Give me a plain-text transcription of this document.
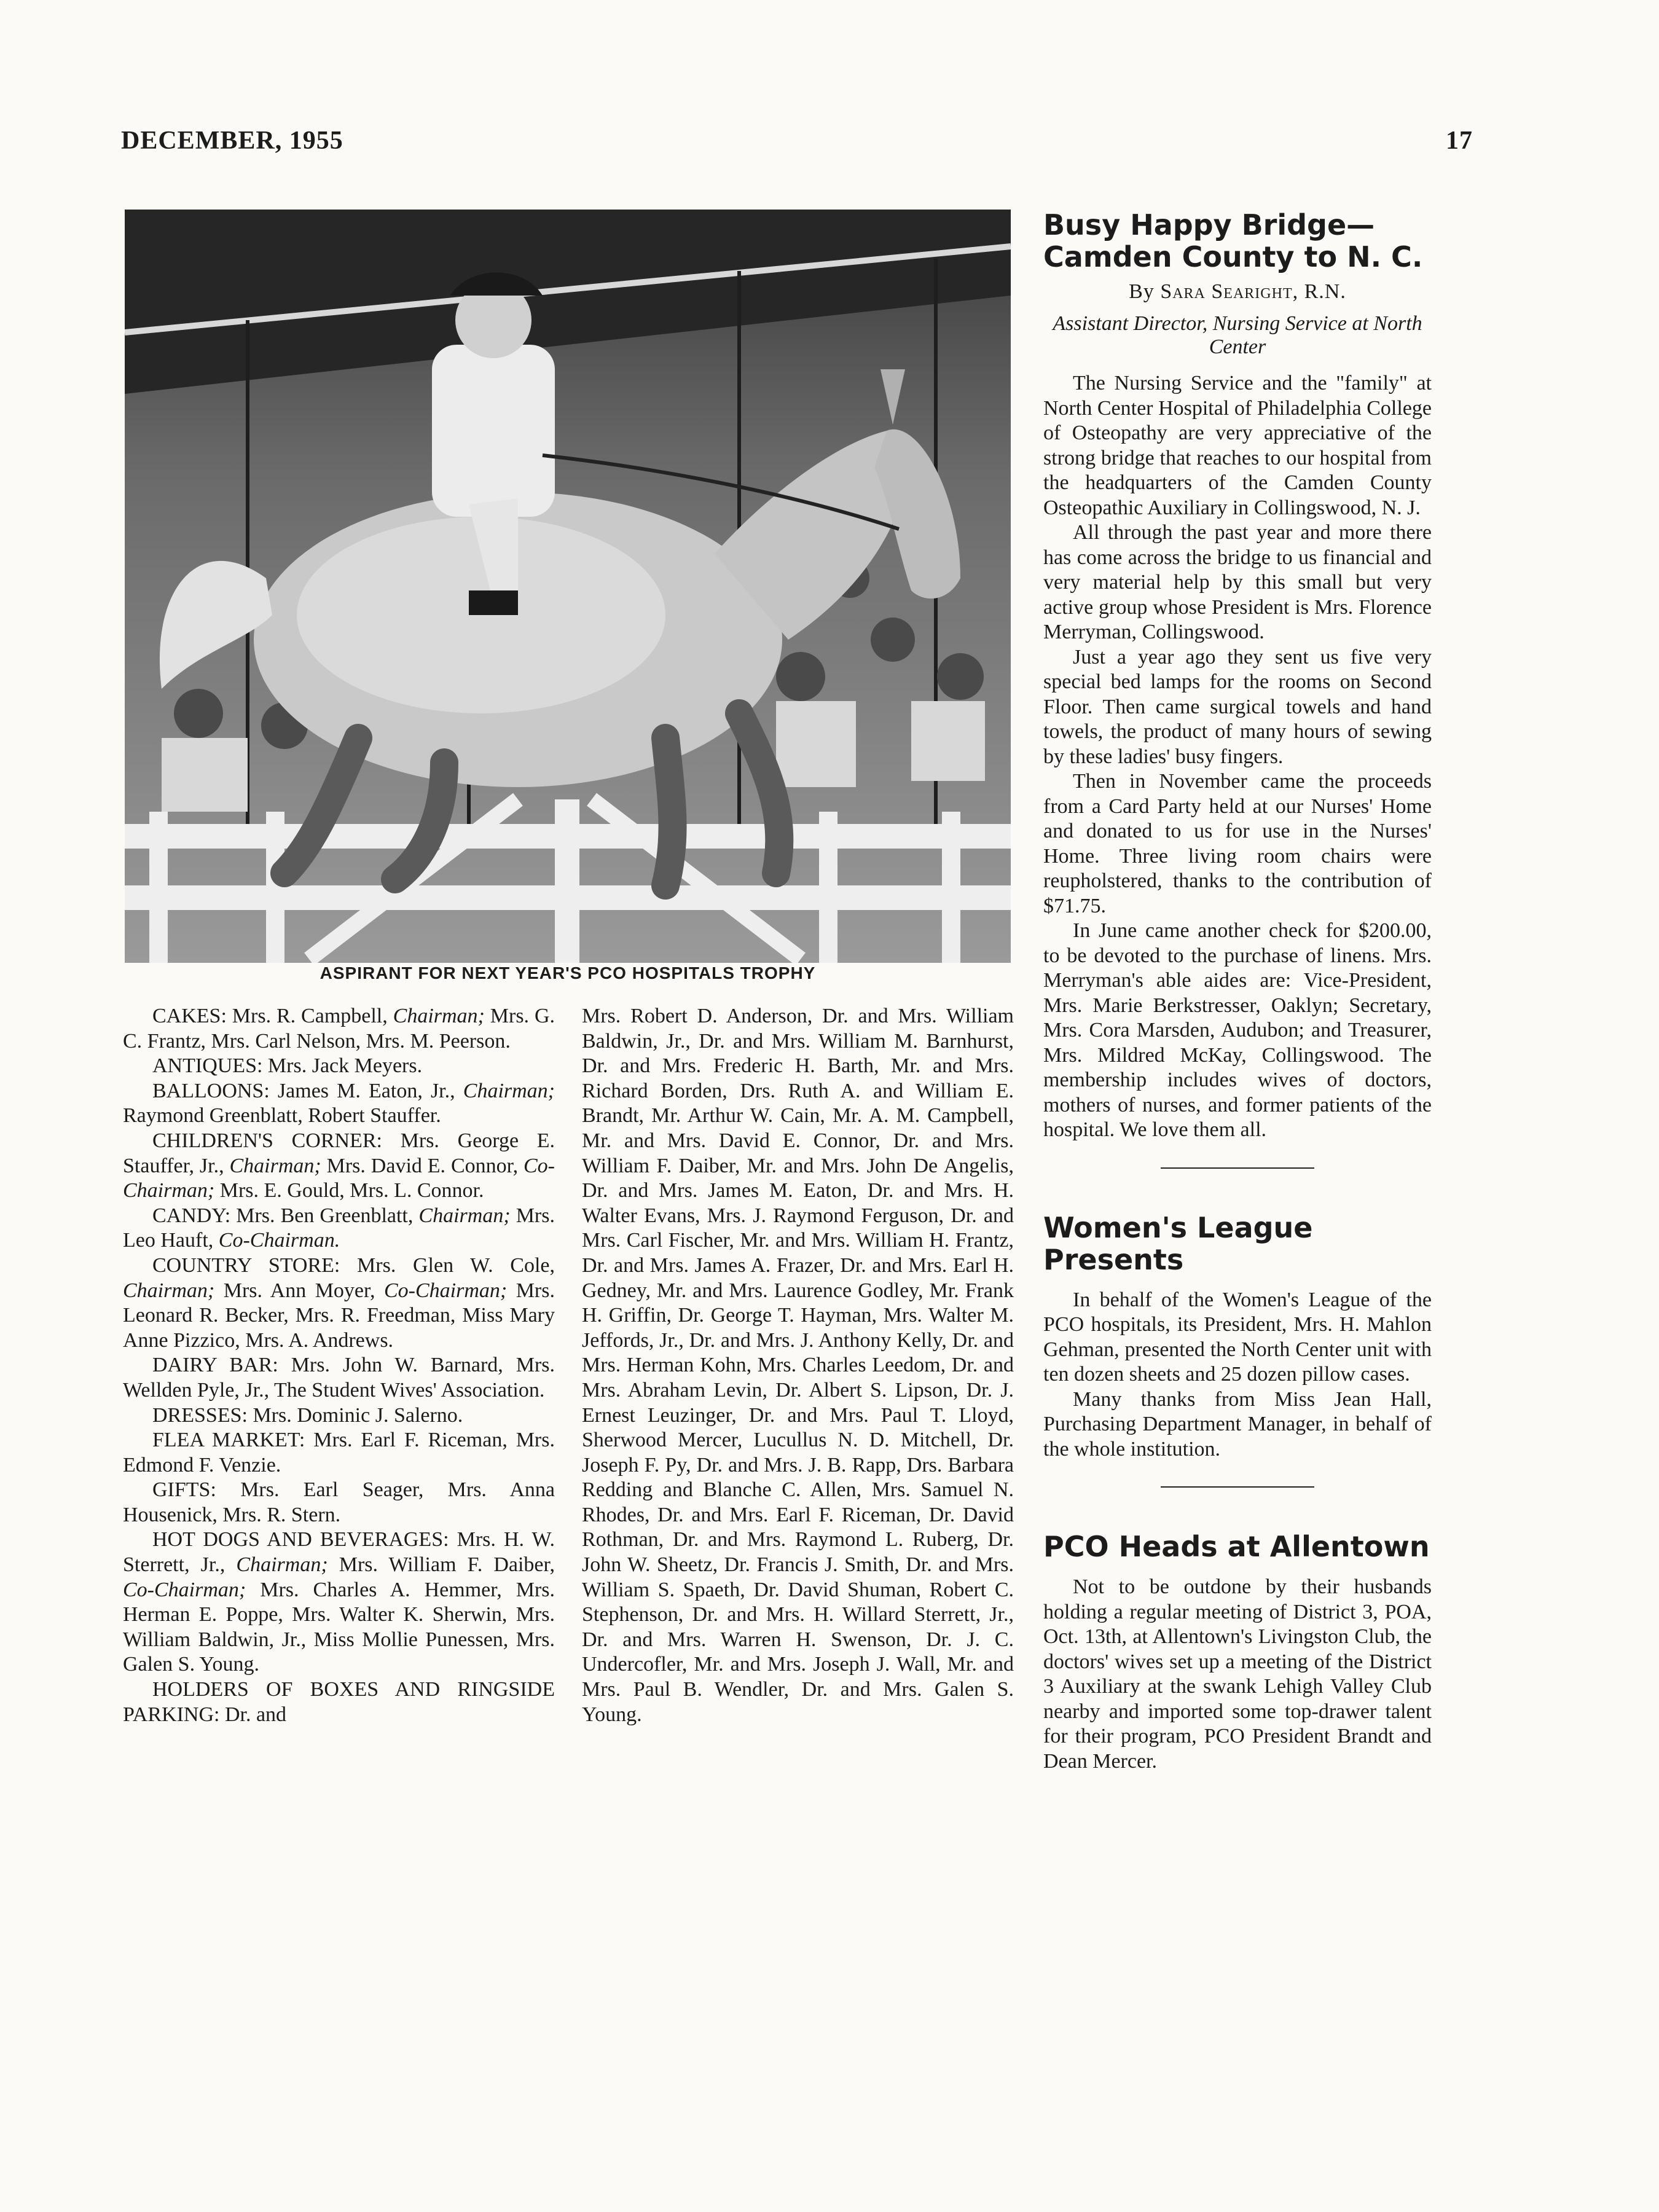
DECEMBER, 1955	17
ASPIRANT FOR NEXT YEAR'S PCO HOSPITALS TROPHY

CAKES: Mrs. R. Campbell, Chairman; Mrs. G. C. Frantz, Mrs. Carl Nelson, Mrs. M. Peerson.

ANTIQUES: Mrs. Jack Meyers.

BALLOONS: James M. Eaton, Jr., Chairman; Raymond Greenblatt, Robert Stauffer.

CHILDREN'S CORNER: Mrs. George E. Stauffer, Jr., Chairman; Mrs. David E. Connor, Co-Chairman; Mrs. E. Gould, Mrs. L. Connor.

CANDY: Mrs. Ben Greenblatt, Chairman; Mrs. Leo Hauft, Co-Chairman.

COUNTRY STORE: Mrs. Glen W. Cole, Chairman; Mrs. Ann Moyer, Co-Chairman; Mrs. Leonard R. Becker, Mrs. R. Freedman, Miss Mary Anne Pizzico, Mrs. A. Andrews.

DAIRY BAR: Mrs. John W. Barnard, Mrs. Wellden Pyle, Jr., The Student Wives' Association.

DRESSES: Mrs. Dominic J. Salerno.

FLEA MARKET: Mrs. Earl F. Riceman, Mrs. Edmond F. Venzie.

GIFTS: Mrs. Earl Seager, Mrs. Anna Housenick, Mrs. R. Stern.

HOT DOGS AND BEVERAGES: Mrs. H. W. Sterrett, Jr., Chairman; Mrs. William F. Daiber, Co-Chairman; Mrs. Charles A. Hemmer, Mrs. Herman E. Poppe, Mrs. Walter K. Sherwin, Mrs. William Baldwin, Jr., Miss Mollie Punessen, Mrs. Galen S. Young.

HOLDERS OF BOXES AND RINGSIDE PARKING: Dr. and

Mrs. Robert D. Anderson, Dr. and Mrs. William Baldwin, Jr., Dr. and Mrs. William M. Barnhurst, Dr. and Mrs. Frederic H. Barth, Mr. and Mrs. Richard Borden, Drs. Ruth A. and William E. Brandt, Mr. Arthur W. Cain, Mr. A. M. Campbell, Mr. and Mrs. David E. Connor, Dr. and Mrs. William F. Daiber, Mr. and Mrs. John De Angelis, Dr. and Mrs. James M. Eaton, Dr. and Mrs. H. Walter Evans, Mrs. J. Raymond Ferguson, Dr. and Mrs. Carl Fischer, Mr. and Mrs. William H. Frantz, Dr. and Mrs. James A. Frazer, Dr. and Mrs. Earl H. Gedney, Mr. and Mrs. Laurence Godley, Mr. Frank H. Griffin, Dr. George T. Hayman, Mrs. Walter M. Jeffords, Jr., Dr. and Mrs. J. Anthony Kelly, Dr. and Mrs. Herman Kohn, Mrs. Charles Leedom, Dr. and Mrs. Abraham Levin, Dr. Albert S. Lipson, Dr. J. Ernest Leuzinger, Dr. and Mrs. Paul T. Lloyd, Sherwood Mercer, Lucullus N. D. Mitchell, Dr. Joseph F. Py, Dr. and Mrs. J. B. Rapp, Drs. Barbara Redding and Blanche C. Allen, Mrs. Samuel N. Rhodes, Dr. and Mrs. Earl F. Riceman, Dr. David Rothman, Dr. and Mrs. Raymond L. Ruberg, Dr. John W. Sheetz, Dr. Francis J. Smith, Dr. and Mrs. William S. Spaeth, Dr. David Shuman, Robert C. Stephenson, Dr. and Mrs. H. Willard Sterrett, Jr., Dr. and Mrs. Warren H. Swenson, Dr. J. C. Undercofler, Mr. and Mrs. Joseph J. Wall, Mr. and Mrs. Paul B. Wendler, Dr. and Mrs. Galen S. Young.

Busy Happy Bridge—
Camden County to N. C.
By Sara Searight, R.N.
Assistant Director, Nursing Service at North Center

The Nursing Service and the "family" at North Center Hospital of Philadelphia College of Osteopathy are very appreciative of the strong bridge that reaches to our hospital from the headquarters of the Camden County Osteopathic Auxiliary in Collingswood, N. J.

All through the past year and more there has come across the bridge to us financial and very material help by this small but very active group whose President is Mrs. Florence Merryman, Collingswood.

Just a year ago they sent us five very special bed lamps for the rooms on Second Floor. Then came surgical towels and hand towels, the product of many hours of sewing by these ladies' busy fingers.

Then in November came the proceeds from a Card Party held at our Nurses' Home and donated to us for use in the Nurses' Home. Three living room chairs were reupholstered, thanks to the contribution of $71.75.

In June came another check for $200.00, to be devoted to the purchase of linens. Mrs. Merryman's able aides are: Vice-President, Mrs. Marie Berkstresser, Oaklyn; Secretary, Mrs. Cora Marsden, Audubon; and Treasurer, Mrs. Mildred McKay, Collingswood. The membership includes wives of doctors, mothers of nurses, and former patients of the hospital. We love them all.

Women's League Presents

In behalf of the Women's League of the PCO hospitals, its President, Mrs. H. Mahlon Gehman, presented the North Center unit with ten dozen sheets and 25 dozen pillow cases.

Many thanks from Miss Jean Hall, Purchasing Department Manager, in behalf of the whole institution.

PCO Heads at Allentown

Not to be outdone by their husbands holding a regular meeting of District 3, POA, Oct. 13th, at Allentown's Livingston Club, the doctors' wives set up a meeting of the District 3 Auxiliary at the swank Lehigh Valley Club nearby and imported some top-drawer talent for their program, PCO President Brandt and Dean Mercer.
